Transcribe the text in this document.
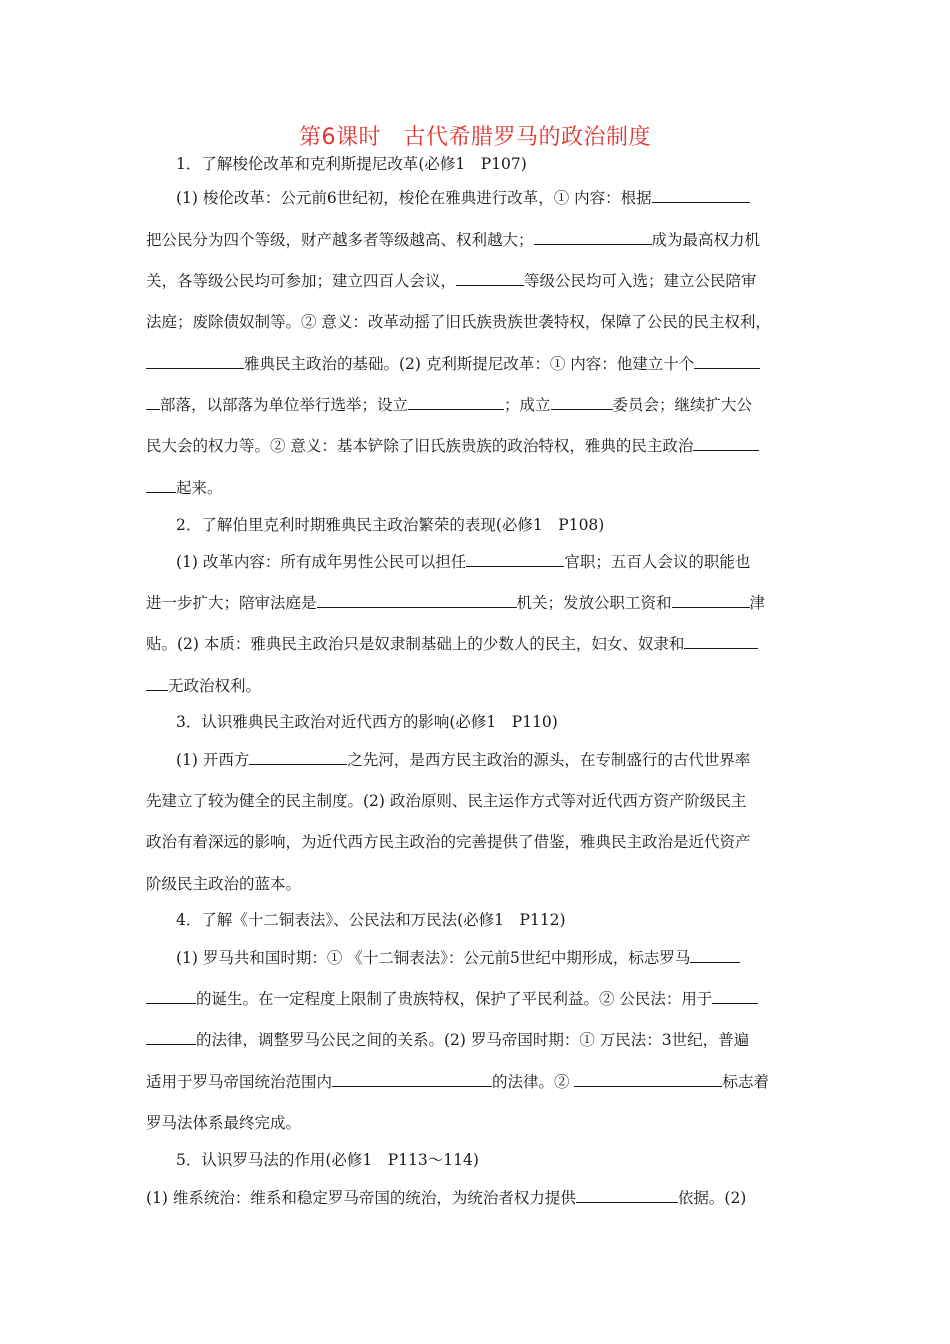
第6课时　古代希腊罗马的政治制度
1．了解梭伦改革和克利斯提尼改革(必修1　P107)
(1) 梭伦改革：公元前6世纪初，梭伦在雅典进行改革，① 内容：根据
把公民分为四个等级，财产越多者等级越高、权利越大；	成为最高权力机
关，各等级公民均可参加；建立四百人会议，	等级公民均可入选；建立公民陪审
法庭；废除债奴制等。② 意义：改革动摇了旧氏族贵族世袭特权，保障了公民的民主权利，
雅典民主政治的基础。(2) 克利斯提尼改革：① 内容：他建立十个
部落，以部落为单位举行选举；设立	；成立	委员会；继续扩大公
民大会的权力等。② 意义：基本铲除了旧氏族贵族的政治特权，雅典的民主政治
起来。
2．了解伯里克利时期雅典民主政治繁荣的表现(必修1　P108)
(1) 改革内容：所有成年男性公民可以担任	官职；五百人会议的职能也
进一步扩大；陪审法庭是	机关；发放公职工资和	津
贴。(2) 本质：雅典民主政治只是奴隶制基础上的少数人的民主，妇女、奴隶和
无政治权利。
3．认识雅典民主政治对近代西方的影响(必修1　P110)
(1) 开西方	之先河，是西方民主政治的源头，在专制盛行的古代世界率
先建立了较为健全的民主制度。(2) 政治原则、民主运作方式等对近代西方资产阶级民主
政治有着深远的影响，为近代西方民主政治的完善提供了借鉴，雅典民主政治是近代资产
阶级民主政治的蓝本。
4．了解《十二铜表法》、公民法和万民法(必修1　P112)
(1) 罗马共和国时期：① 《十二铜表法》：公元前5世纪中期形成，标志罗马
的诞生。在一定程度上限制了贵族特权，保护了平民利益。② 公民法：用于
的法律，调整罗马公民之间的关系。(2) 罗马帝国时期：① 万民法：3世纪，普遍
适用于罗马帝国统治范围内	的法律。②	标志着
罗马法体系最终完成。
5．认识罗马法的作用(必修1　P113～114)
(1) 维系统治：维系和稳定罗马帝国的统治，为统治者权力提供	依据。(2)
